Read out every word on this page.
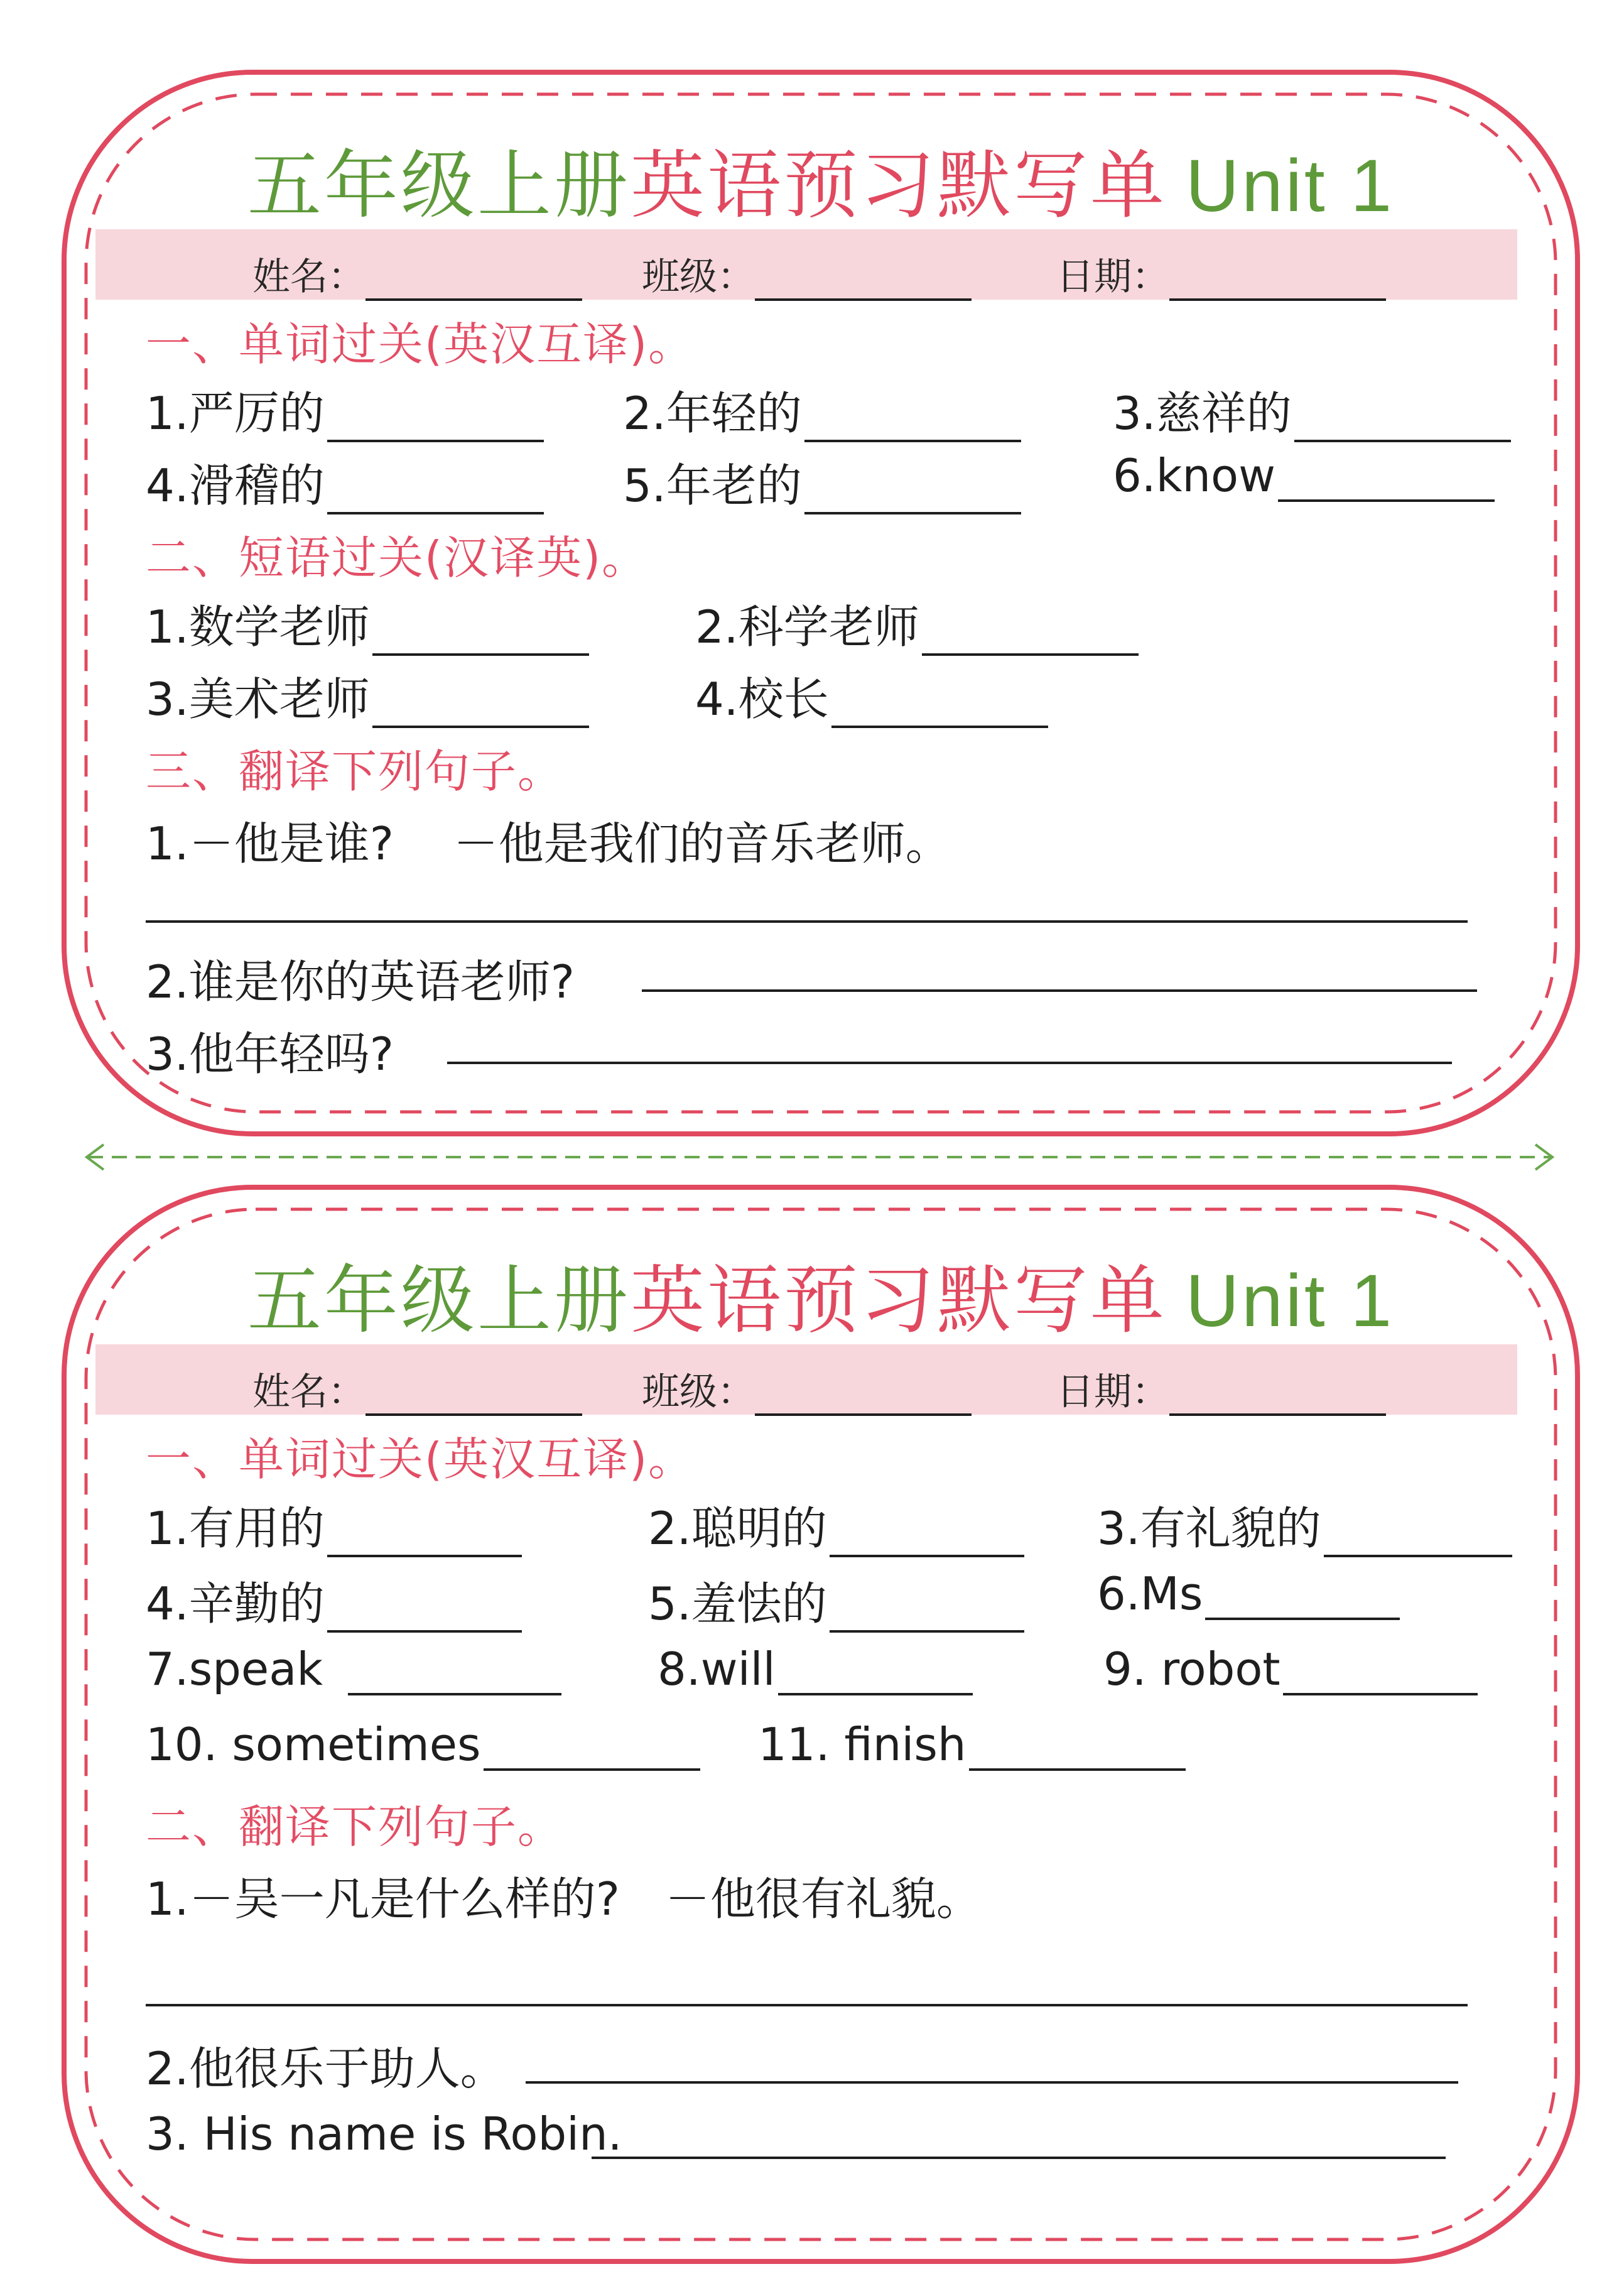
五年级上册英语预习默写单 Unit 1
姓名：	班级：	日期：
一、单词过关(英汉互译)。
1.严厉的	2.年轻的	3.慈祥的
4.滑稽的	5.年老的	6.know
二、短语过关(汉译英)。
1.数学老师	2.科学老师
3.美术老师	4.校长
三、翻译下列句子。
1.－他是谁?　 －他是我们的音乐老师。
2.谁是你的英语老师?
3.他年轻吗?
五年级上册英语预习默写单 Unit 1
姓名：	班级：	日期：
一、单词过关(英汉互译)。
1.有用的	2.聪明的	3.有礼貌的
4.辛勤的	5.羞怯的	6.Ms
7.speak	8.will	9. robot
10. sometimes	11. finish
二、翻译下列句子。
1.－吴一凡是什么样的?　－他很有礼貌。
2.他很乐于助人。
3. His name is Robin.
